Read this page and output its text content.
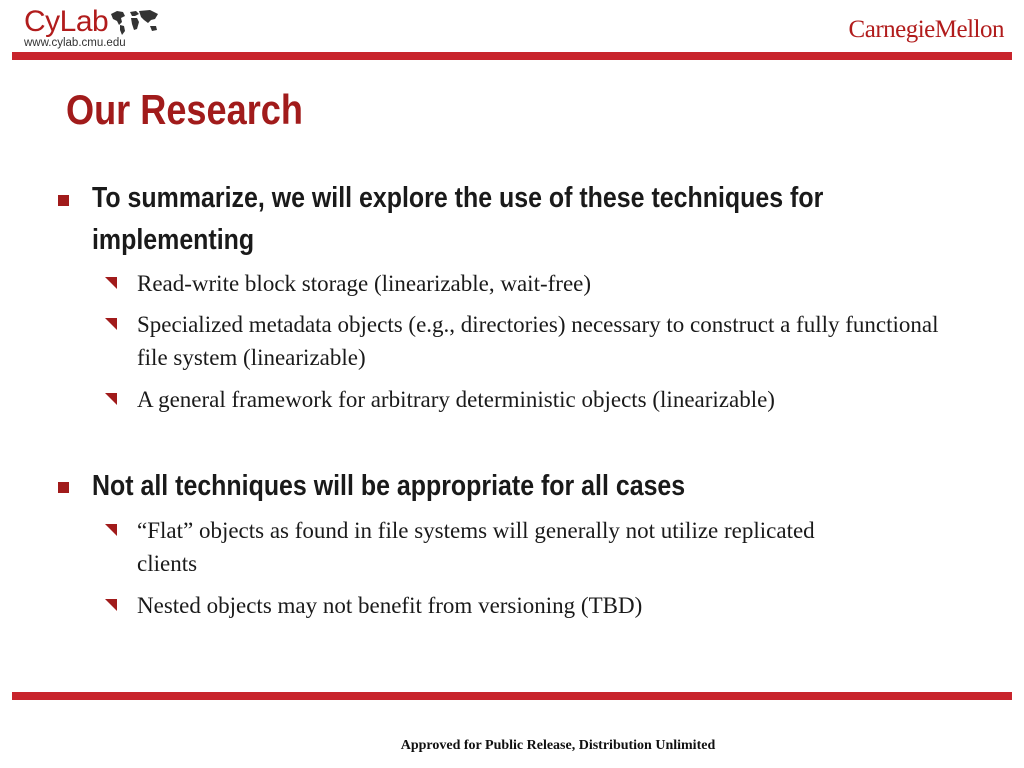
CyLab
www.cylab.cmu.edu	CarnegieMellon
Our Research
To summarize, we will explore the use of these techniques for implementing
Read-write block storage (linearizable, wait-free)
Specialized metadata objects (e.g., directories) necessary to construct a fully functional file system (linearizable)
A general framework for arbitrary deterministic objects (linearizable)
Not all techniques will be appropriate for all cases
“Flat” objects as found in file systems will generally not utilize replicated clients
Nested objects may not benefit from versioning (TBD)
Approved for Public Release, Distribution Unlimited
